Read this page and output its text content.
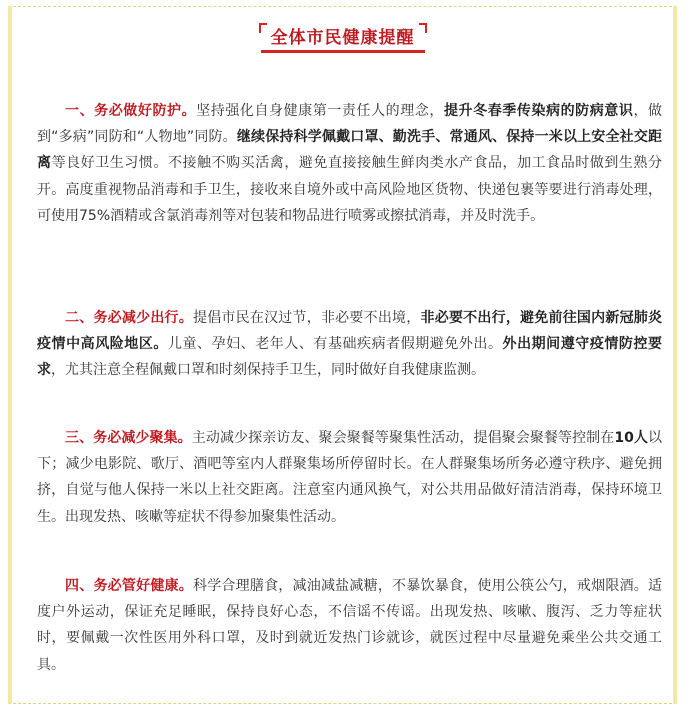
全体市民健康提醒

一、务必做好防护。坚持强化自身健康第一责任人的理念，提升冬春季传染病的防病意识，做到“多病”同防和“人物地”同防。继续保持科学佩戴口罩、勤洗手、常通风、保持一米以上安全社交距离等良好卫生习惯。不接触不购买活禽，避免直接接触生鲜肉类水产食品，加工食品时做到生熟分开。高度重视物品消毒和手卫生，接收来自境外或中高风险地区货物、快递包裹等要进行消毒处理，可使用75%酒精或含氯消毒剂等对包装和物品进行喷雾或擦拭消毒，并及时洗手。

二、务必减少出行。提倡市民在汉过节，非必要不出境，非必要不出行，避免前往国内新冠肺炎疫情中高风险地区。儿童、孕妇、老年人、有基础疾病者假期避免外出。外出期间遵守疫情防控要求，尤其注意全程佩戴口罩和时刻保持手卫生，同时做好自我健康监测。

三、务必减少聚集。主动减少探亲访友、聚会聚餐等聚集性活动，提倡聚会聚餐等控制在10人以下；减少电影院、歌厅、酒吧等室内人群聚集场所停留时长。在人群聚集场所务必遵守秩序、避免拥挤，自觉与他人保持一米以上社交距离。注意室内通风换气，对公共用品做好清洁消毒，保持环境卫生。出现发热、咳嗽等症状不得参加聚集性活动。

四、务必管好健康。科学合理膳食，减油减盐减糖，不暴饮暴食，使用公筷公勺，戒烟限酒。适度户外运动，保证充足睡眠，保持良好心态，不信谣不传谣。出现发热、咳嗽、腹泻、乏力等症状时，要佩戴一次性医用外科口罩，及时到就近发热门诊就诊，就医过程中尽量避免乘坐公共交通工具。
